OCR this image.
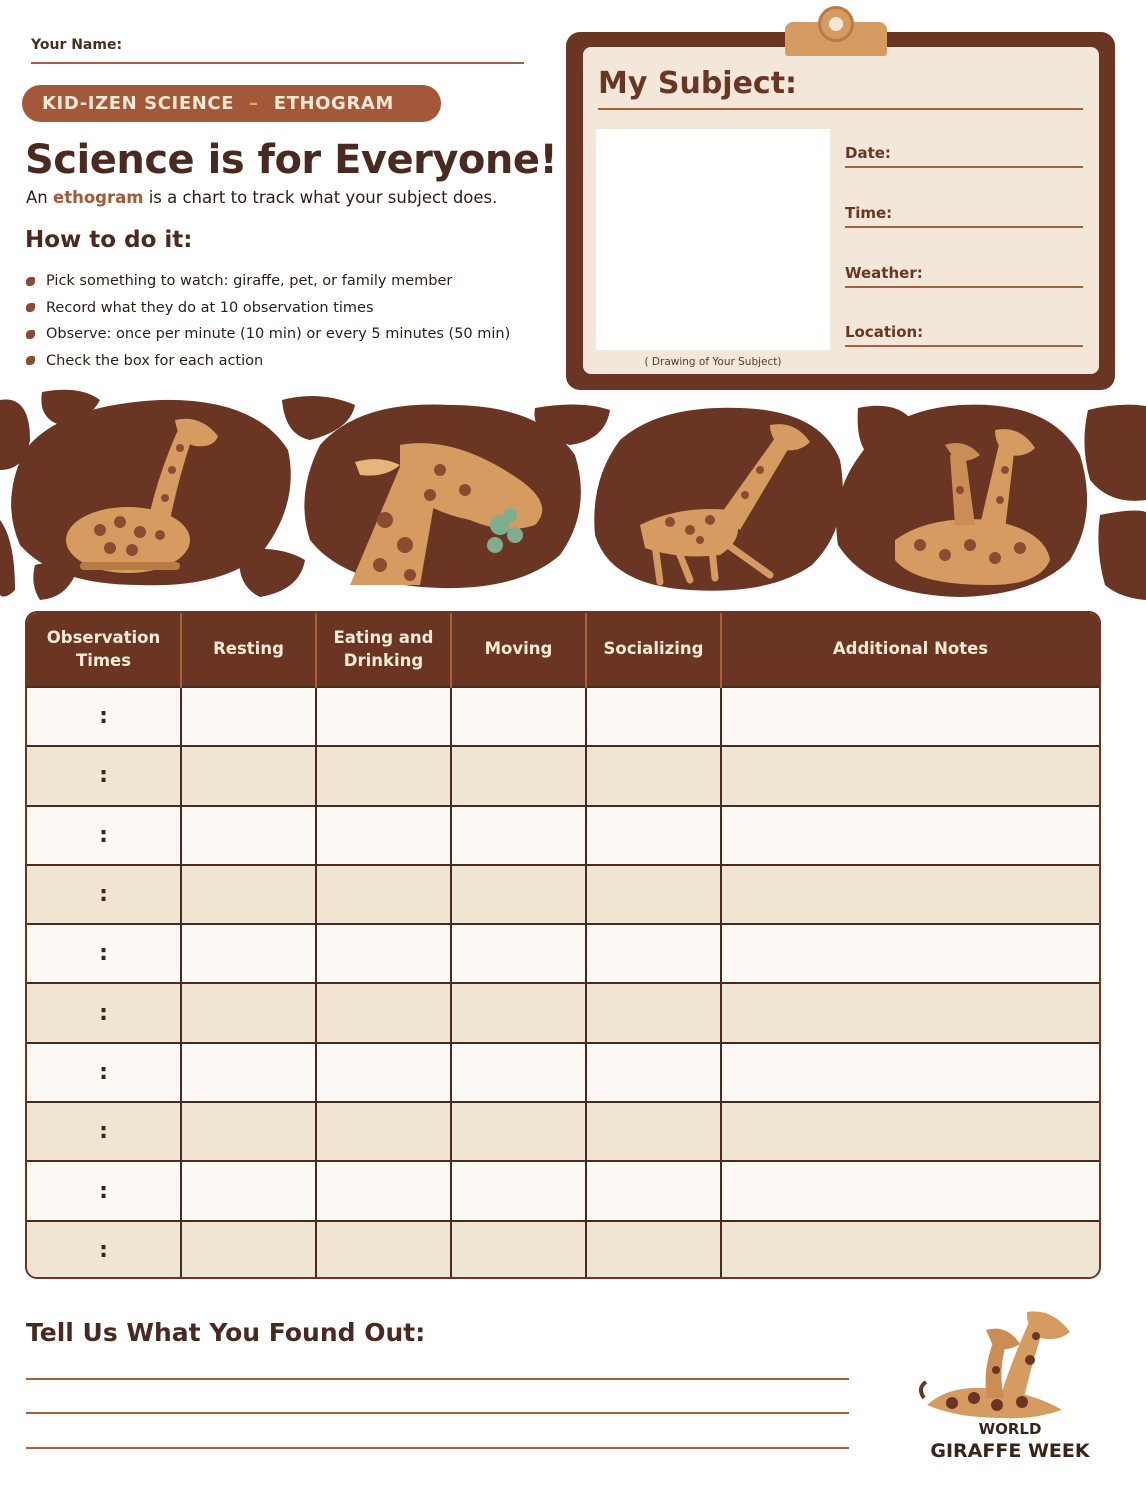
Your Name:
KID-IZEN SCIENCE – ETHOGRAM
Science is for Everyone!
An ethogram is a chart to track what your subject does.
How to do it:
Pick something to watch: giraffe, pet, or family member
Record what they do at 10 observation times
Observe: once per minute (10 min) or every 5 minutes (50 min)
Check the box for each action
My Subject:
( Drawing of Your Subject)
Date:
Time:
Weather:
Location:
Observation Times	Resting	Eating and Drinking	Moving	Socializing	Additional Notes
:					
:					
:					
:					
:					
:					
:					
:					
:					
:					
Tell Us What You Found Out:
WORLD
GIRAFFE WEEK
